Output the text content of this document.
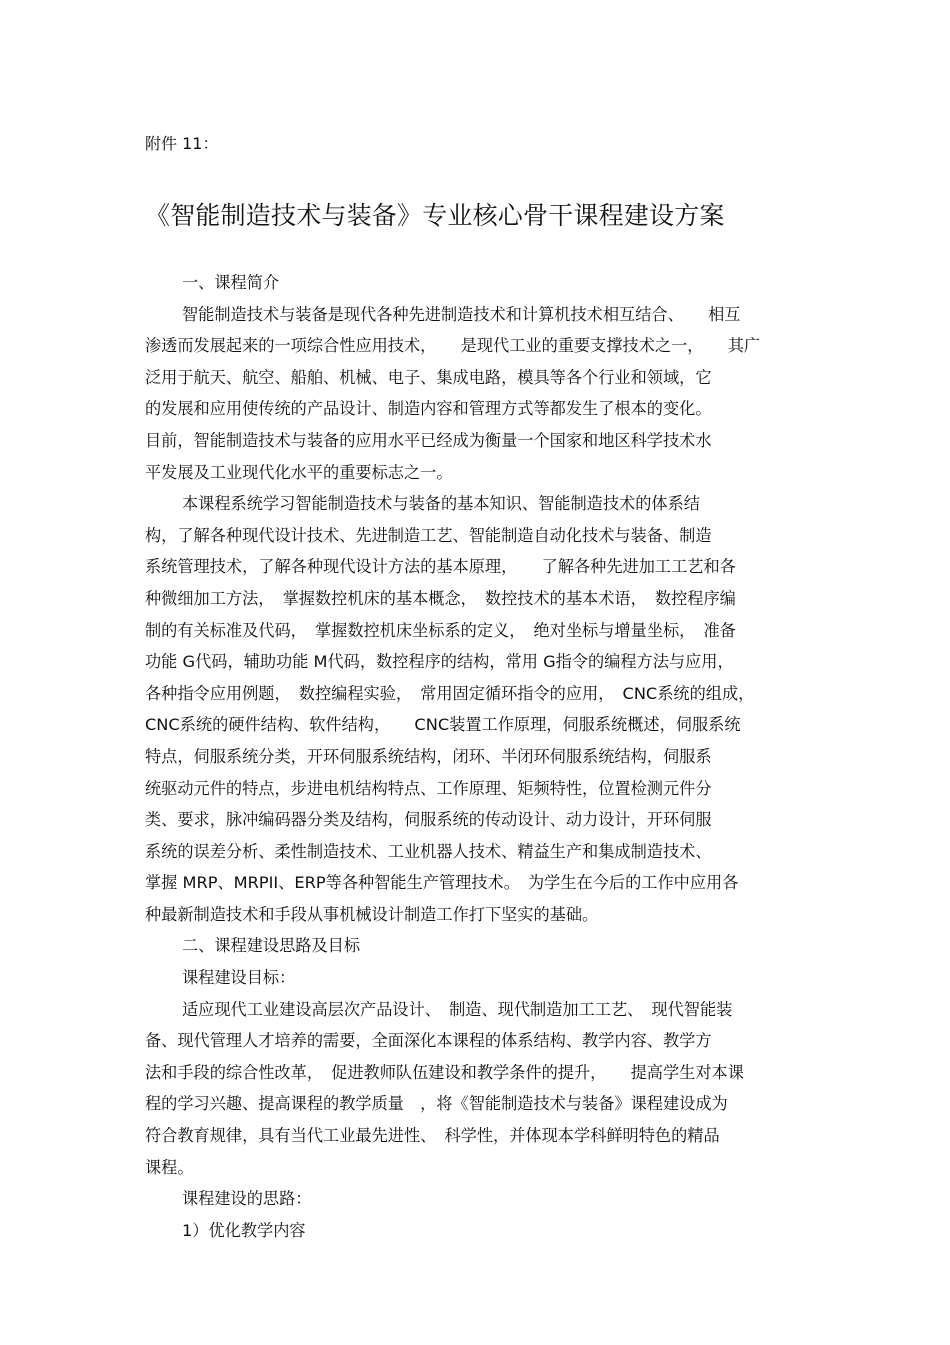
附件 11：
《智能制造技术与装备》专业核心骨干课程建设方案
一、课程简介
智能制造技术与装备是现代各种先进制造技术和计算机技术相互结合、　　相互
渗透而发展起来的一项综合性应用技术，　　是现代工业的重要支撑技术之一，　　其广
泛用于航天、航空、船舶、机械、电子、集成电路，模具等各个行业和领域，它
的发展和应用使传统的产品设计、制造内容和管理方式等都发生了根本的变化。
目前，智能制造技术与装备的应用水平已经成为衡量一个国家和地区科学技术水
平发展及工业现代化水平的重要标志之一。
本课程系统学习智能制造技术与装备的基本知识、智能制造技术的体系结
构，了解各种现代设计技术、先进制造工艺、智能制造自动化技术与装备、制造
系统管理技术，了解各种现代设计方法的基本原理，　　了解各种先进加工工艺和各
种微细加工方法，　掌握数控机床的基本概念，　数控技术的基本术语，　数控程序编
制的有关标准及代码，　掌握数控机床坐标系的定义，　绝对坐标与增量坐标，　准备
功能 G代码，辅助功能 M代码，数控程序的结构，常用 G指令的编程方法与应用，
各种指令应用例题，　数控编程实验，　常用固定循环指令的应用，　CNC系统的组成，
CNC系统的硬件结构、软件结构，　　CNC装置工作原理，伺服系统概述，伺服系统
特点，伺服系统分类，开环伺服系统结构，闭环、半闭环伺服系统结构，伺服系
统驱动元件的特点，步进电机结构特点、工作原理、矩频特性，位置检测元件分
类、要求，脉冲编码器分类及结构，伺服系统的传动设计、动力设计，开环伺服
系统的误差分析、柔性制造技术、工业机器人技术、精益生产和集成制造技术、
掌握 MRP、MRPII、ERP等各种智能生产管理技术。　为学生在今后的工作中应用各
种最新制造技术和手段从事机械设计制造工作打下坚实的基础。
二、课程建设思路及目标
课程建设目标：
适应现代工业建设高层次产品设计、　制造、现代制造加工工艺、　现代智能装
备、现代管理人才培养的需要，全面深化本课程的体系结构、教学内容、教学方
法和手段的综合性改革，　促进教师队伍建设和教学条件的提升，　　提高学生对本课
程的学习兴趣、提高课程的教学质量　，将《智能制造技术与装备》课程建设成为
符合教育规律，具有当代工业最先进性、　科学性，并体现本学科鲜明特色的精品
课程。
课程建设的思路：
1）优化教学内容
